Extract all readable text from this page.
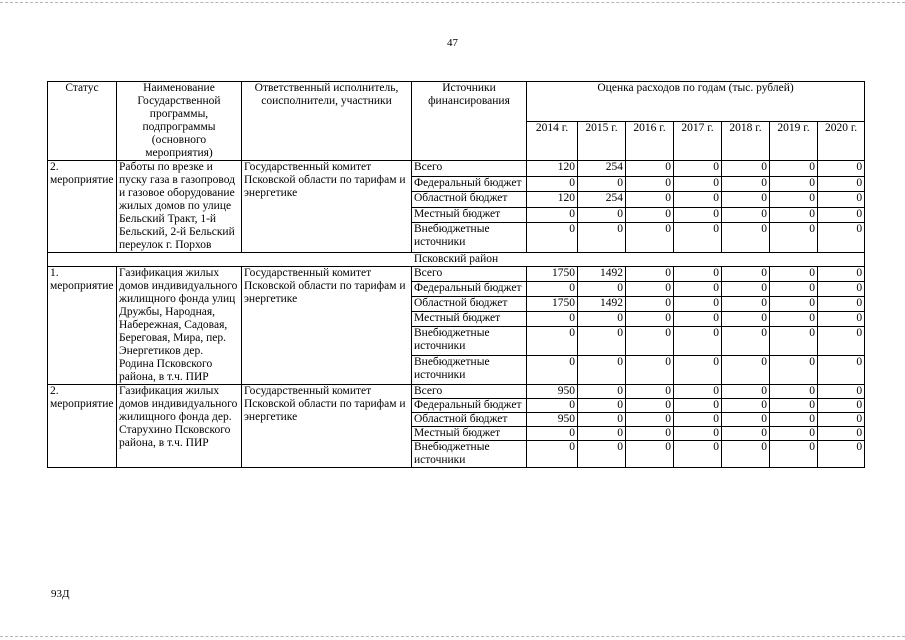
47
Статус	Наименование Государственной программы, подпрограммы (основного мероприятия)	Ответственный исполнитель, соисполнители, участники	Источники финансирования	Оценка расходов по годам (тыс. рублей)						
				2014 г.	2015 г.	2016 г.	2017 г.	2018 г.	2019 г.	2020 г.
2. мероприятие	Работы по врезке и пуску газа в газопровод и газовое оборудование жилых домов по улице Бельский Тракт, 1-й Бельский, 2-й Бельский переулок г. Порхов	Государственный комитет Псковской области по тарифам и энергетике	Всего	120	254	0	0	0	0	0
			Федеральный бюджет	0	0	0	0	0	0	0
			Областной бюджет	120	254	0	0	0	0	0
			Местный бюджет	0	0	0	0	0	0	0
			Внебюджетные источники	0	0	0	0	0	0	0
Псковский район										
1. мероприятие	Газификация жилых домов индивидуального жилищного фонда улиц Дружбы, Народная, Набережная, Садовая, Береговая, Мира, пер. Энергетиков дер. Родина Псковского района, в т.ч. ПИР	Государственный комитет Псковской области по тарифам и энергетике	Всего	1750	1492	0	0	0	0	0
			Федеральный бюджет	0	0	0	0	0	0	0
			Областной бюджет	1750	1492	0	0	0	0	0
			Местный бюджет	0	0	0	0	0	0	0
			Внебюджетные источники	0	0	0	0	0	0	0
			Внебюджетные источники	0	0	0	0	0	0	0
2. мероприятие	Газификация жилых домов индивидуального жилищного фонда дер. Старухино Псковского района, в т.ч. ПИР	Государственный комитет Псковской области по тарифам и энергетике	Всего	950	0	0	0	0	0	0
			Федеральный бюджет	0	0	0	0	0	0	0
			Областной бюджет	950	0	0	0	0	0	0
			Местный бюджет	0	0	0	0	0	0	0
			Внебюджетные источники	0	0	0	0	0	0	0
93Д
